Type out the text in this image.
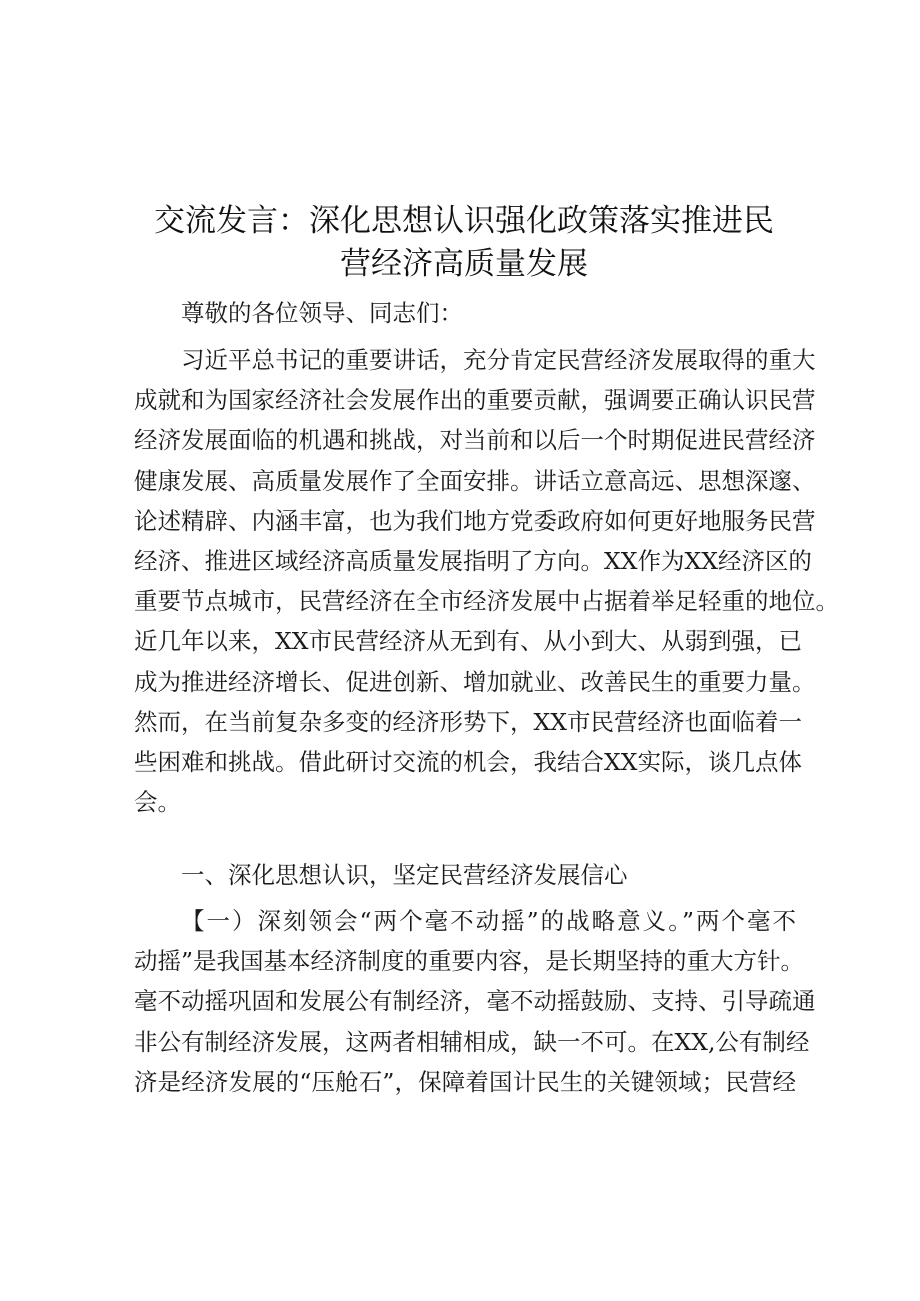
交流发言：深化思想认识强化政策落实推进民
营经济高质量发展
尊敬的各位领导、同志们：
习近平总书记的重要讲话，充分肯定民营经济发展取得的重大
成就和为国家经济社会发展作出的重要贡献，强调要正确认识民营
经济发展面临的机遇和挑战，对当前和以后一个时期促进民营经济
健康发展、高质量发展作了全面安排。讲话立意高远、思想深邃、
论述精辟、内涵丰富，也为我们地方党委政府如何更好地服务民营
经济、推进区域经济高质量发展指明了方向。XX作为XX经济区的
重要节点城市，民营经济在全市经济发展中占据着举足轻重的地位。
近几年以来，XX市民营经济从无到有、从小到大、从弱到强，已
成为推进经济增长、促进创新、增加就业、改善民生的重要力量。
然而，在当前复杂多变的经济形势下，XX市民营经济也面临着一
些困难和挑战。借此研讨交流的机会，我结合XX实际，谈几点体
会。
一、深化思想认识，坚定民营经济发展信心
【一）深刻领会“两个毫不动摇”的战略意义。”两个毫不
动摇”是我国基本经济制度的重要内容，是长期坚持的重大方针。
毫不动摇巩固和发展公有制经济，毫不动摇鼓励、支持、引导疏通
非公有制经济发展，这两者相辅相成，缺一不可。在XX,公有制经
济是经济发展的“压舱石”，保障着国计民生的关键领域；民营经
